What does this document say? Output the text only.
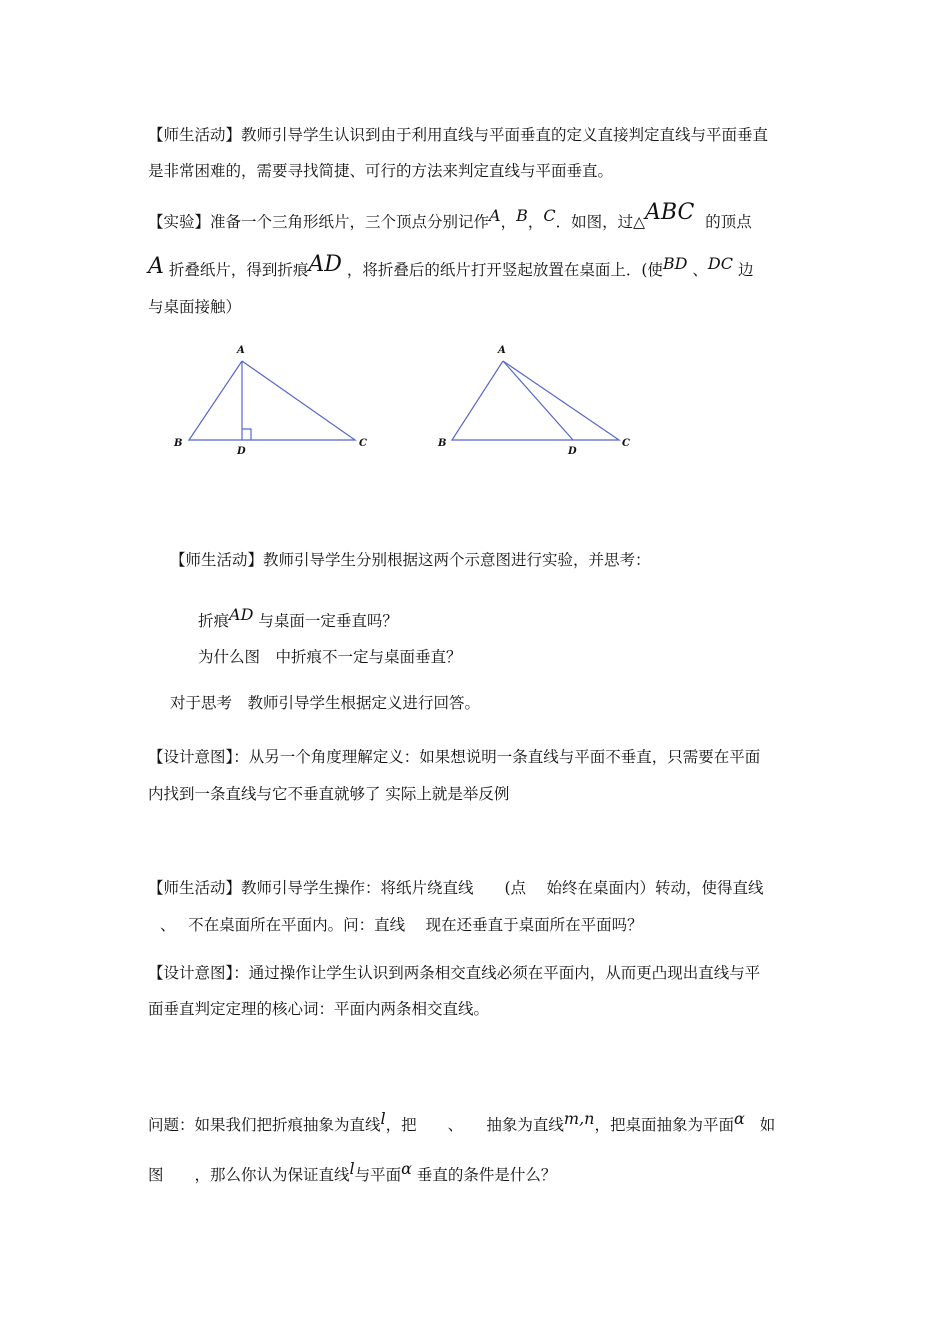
【师生活动】教师引导学生认识到由于利用直线与平面垂直的定义直接判定直线与平面垂直
是非常困难的，需要寻找简捷、可行的方法来判定直线与平面垂直。
【实验】准备一个三角形纸片，三个顶点分别记作A，B，C．如图，过△ABC 的顶点
A 折叠纸片，得到折痕AD ，将折叠后的纸片打开竖起放置在桌面上．(使BD 、DC 边
与桌面接触）
A
B	C
D
A
B	C
D
【师生活动】教师引导学生分别根据这两个示意图进行实验，并思考：
折痕AD 与桌面一定垂直吗？
为什么图　中折痕不一定与桌面垂直？
对于思考　教师引导学生根据定义进行回答。
【设计意图】：从另一个角度理解定义：如果想说明一条直线与平面不垂直，只需要在平面
内找到一条直线与它不垂直就够了 实际上就是举反例
【师生活动】教师引导学生操作：将纸片绕直线　　(点　 始终在桌面内）转动，使得直线
、　 不在桌面所在平面内。问：直线　 现在还垂直于桌面所在平面吗？
【设计意图】：通过操作让学生认识到两条相交直线必须在平面内，从而更凸现出直线与平
面垂直判定定理的核心词：平面内两条相交直线。
问题：如果我们把折痕抽象为直线l，把　　、　　抽象为直线m,n，把桌面抽象为平面α 如
图　　，那么你认为保证直线l与平面α 垂直的条件是什么？
